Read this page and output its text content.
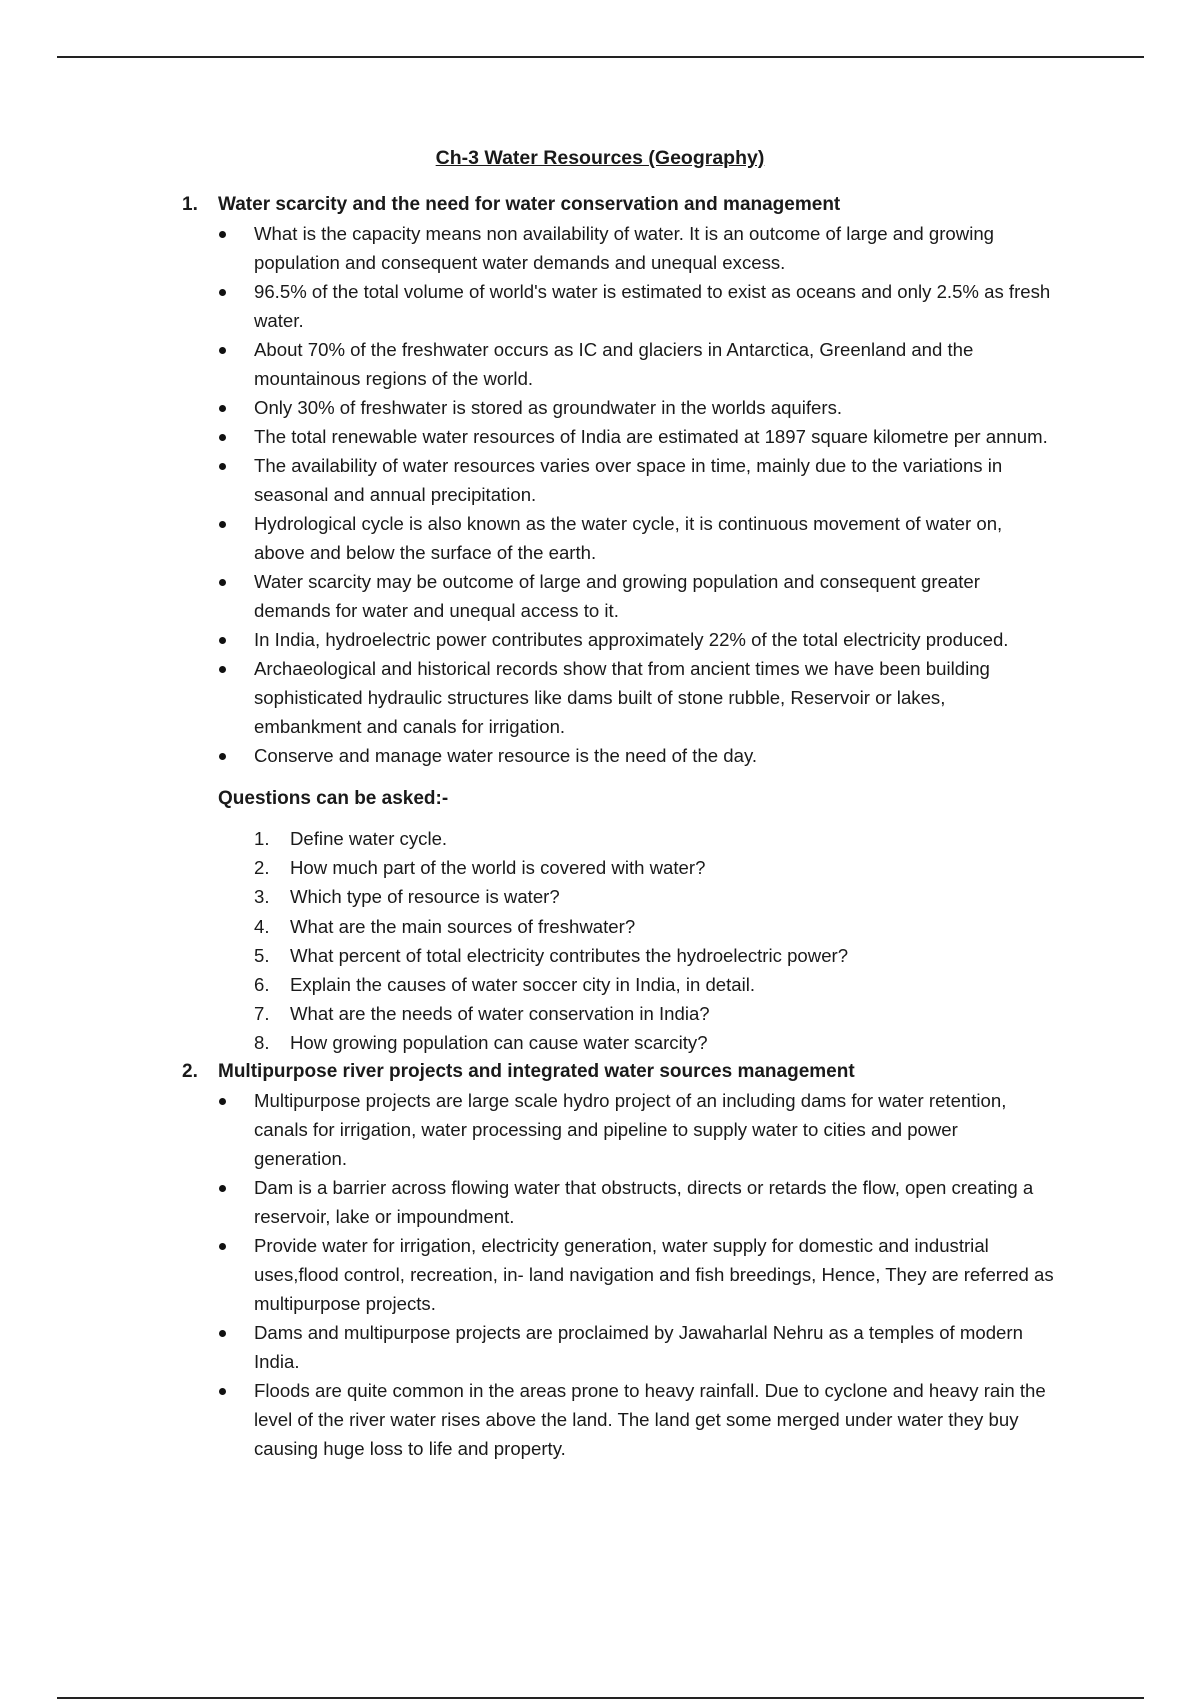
Ch-3 Water Resources (Geography)
1. Water scarcity and the need for water conservation and management
What is the capacity means non availability of water. It is an outcome of large and growing population and consequent water demands and unequal excess.
96.5% of the total volume of world's water is estimated to exist as oceans and only 2.5% as fresh water.
About 70% of the freshwater occurs as IC and glaciers in Antarctica, Greenland and the mountainous regions of the world.
Only 30% of freshwater is stored as groundwater in the worlds aquifers.
The total renewable water resources of India are estimated at 1897 square kilometre per annum.
The availability of water resources varies over space in time, mainly due to the variations in seasonal and annual precipitation.
Hydrological cycle is also known as the water cycle, it is continuous movement of water on, above and below the surface of the earth.
Water scarcity may be outcome of large and growing population and consequent greater demands for water and unequal access to it.
In India, hydroelectric power contributes approximately 22% of the total electricity produced.
Archaeological and historical records show that from ancient times we have been building sophisticated hydraulic structures like dams built of stone rubble, Reservoir or lakes, embankment and canals for irrigation.
Conserve and manage water resource is the need of the day.
Questions can be asked:-
1. Define water cycle.
2. How much part of the world is covered with water?
3. Which type of resource is water?
4. What are the main sources of freshwater?
5. What percent of total electricity contributes the hydroelectric power?
6. Explain the causes of water soccer city in India, in detail.
7. What are the needs of water conservation in India?
8. How growing population can cause water scarcity?
2. Multipurpose river projects and integrated water sources management
Multipurpose projects are large scale hydro project of an including dams for water retention, canals for irrigation, water processing and pipeline to supply water to cities and power generation.
Dam is a barrier across flowing water that obstructs, directs or retards the flow, open creating a reservoir, lake or impoundment.
Provide water for irrigation, electricity generation, water supply for domestic and industrial uses,flood control, recreation, in- land navigation and fish breedings, Hence, They are referred as multipurpose projects.
Dams and multipurpose projects are proclaimed by Jawaharlal Nehru as a temples of modern India.
Floods are quite common in the areas prone to heavy rainfall. Due to cyclone and heavy rain the level of the river water rises above the land. The land get some merged under water they buy causing huge loss to life and property.
